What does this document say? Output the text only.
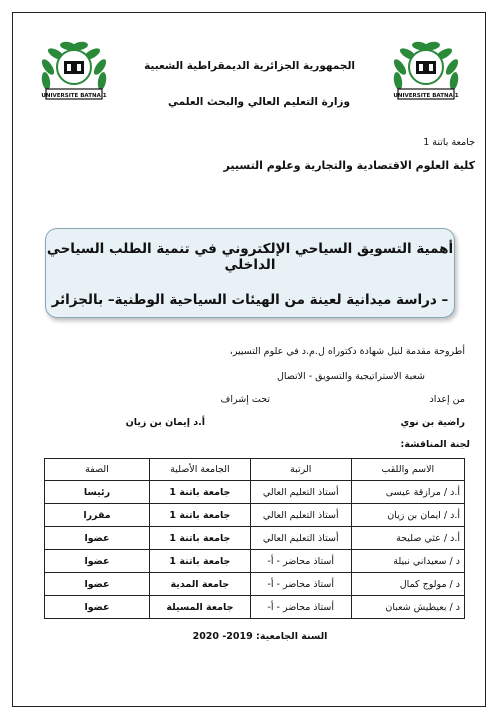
UNIVERSITE BATNA 1	UNIVERSITE BATNA 1
الجمهورية الجزائرية الديمقراطية الشعبية
وزارة التعليم العالي والبحث العلمي
جامعة باتنة 1
كلية العلوم الاقتصادية والتجارية وعلوم التسيير
أهمية التسويق السياحي الإلكتروني في تنمية الطلب السياحي الداخلي
– دراسة ميدانية لعينة من الهيئات السياحية الوطنية– بالجزائر
أطروحة مقدمة لنيل شهادة دكتوراه ل.م.د في علوم التسيير،
شعبة الاستراتيجية والتسويق - الاتصال
من إعداد
تحت إشراف
راضية بن نوي
أ.د إيمان بن زيان
لجنة المناقشة:
الاسم واللقب	الرتبة	الجامعة الأصلية	الصفة
أ.د / مرازقة عيسى	أستاذ التعليم العالي	جامعة باتنة 1	رئيسا
أ.د / ايمان بن زيان	أستاذ التعليم العالي	جامعة باتنة 1	مقررا
أ.د / عثي صليحة	أستاذ التعليم العالي	جامعة باتنة 1	عضوا
د / سعيداني نبيلة	أستاذ محاضر - أ-	جامعة باتنة 1	عضوا
د / مولوج كمال	أستاذ محاضر - أ-	جامعة المدية	عضوا
د / بعيطيش شعبان	أستاذ محاضر - أ-	جامعة المسيلة	عضوا
السنة الجامعية: 2019- 2020
